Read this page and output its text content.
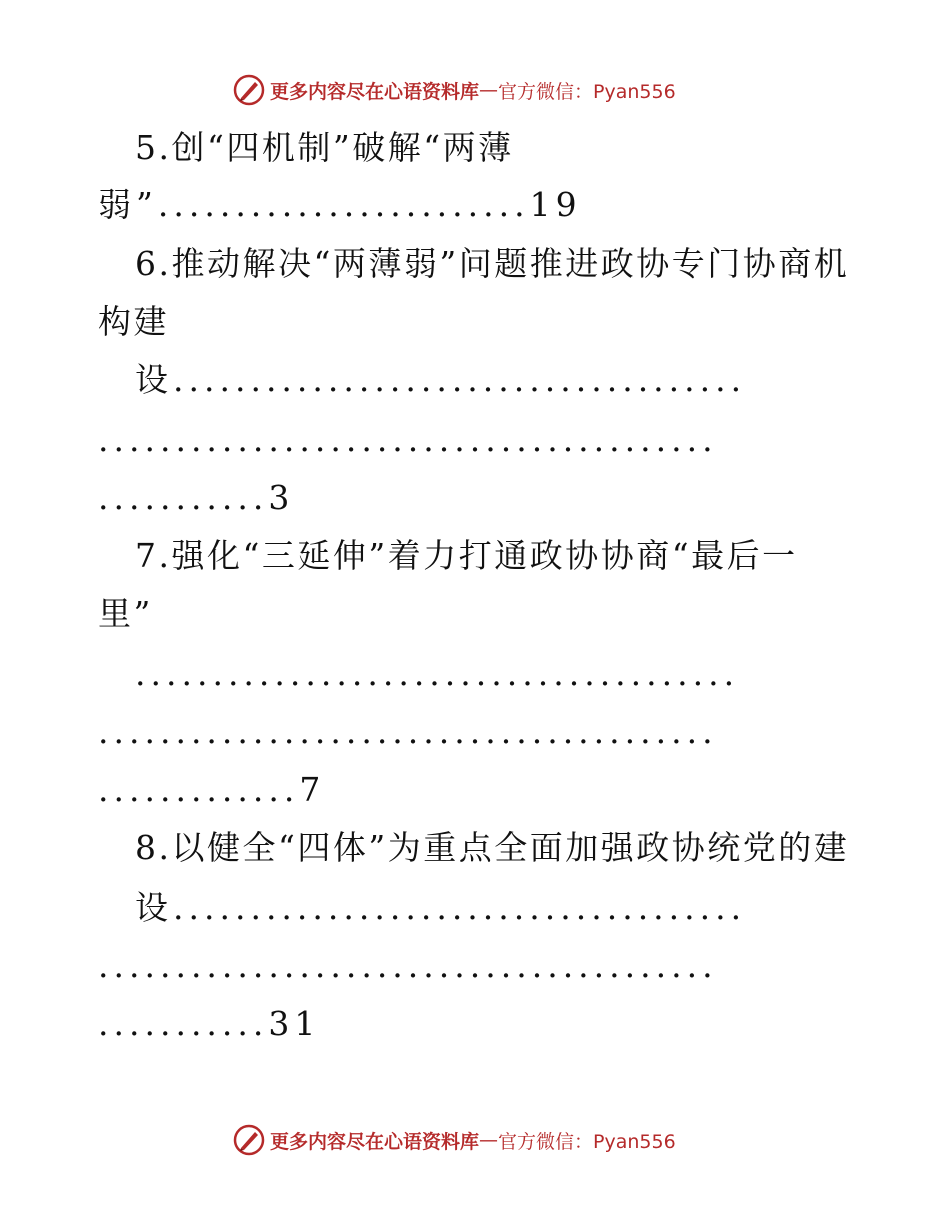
更多内容尽在心语资料库 — 官方微信：Pyan556
5.创“四机制”破解“两薄
弱”........................19
6.推动解决“两薄弱”问题推进政协专门协商机
构建
设.....................................
........................................
...........3
7.强化“三延伸”着力打通政协协商“最后一
里”
.......................................
........................................
.............7
8.以健全“四体”为重点全面加强政协统党的建
设.....................................
........................................
...........31
更多内容尽在心语资料库 — 官方微信：Pyan556
